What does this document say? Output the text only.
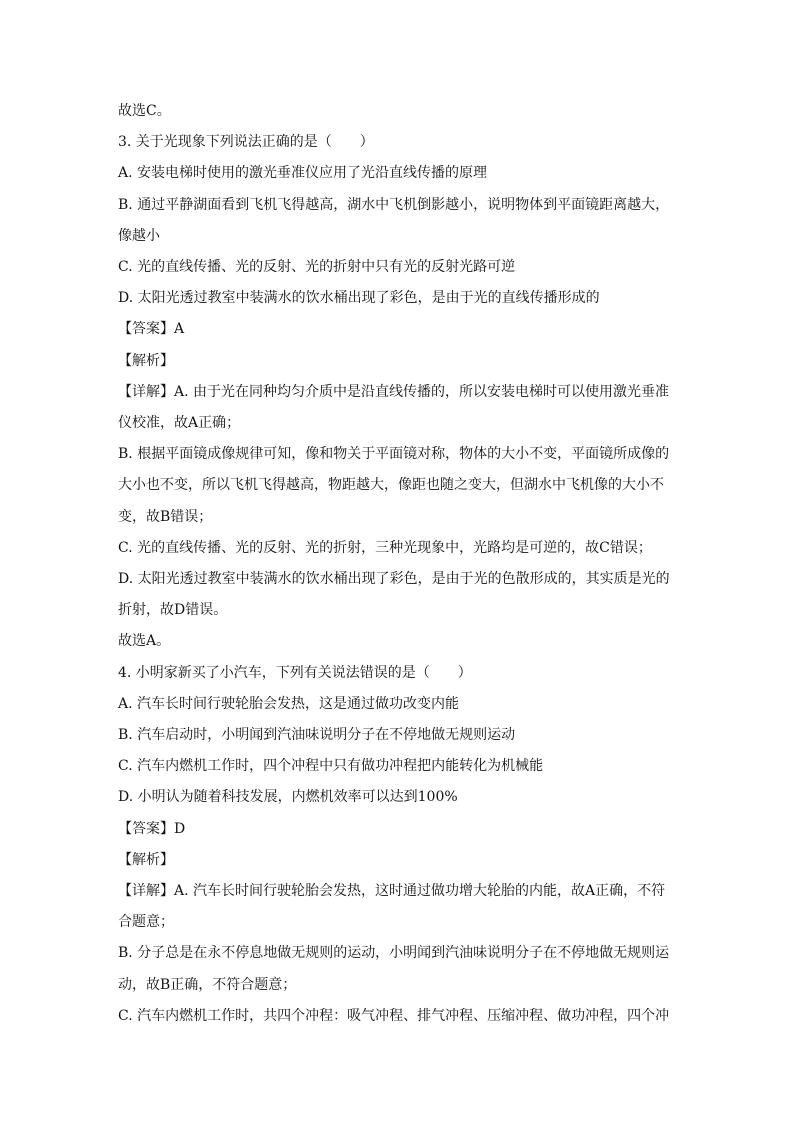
故选C。

3. 关于光现象下列说法正确的是（　　）

A. 安装电梯时使用的激光垂准仪应用了光沿直线传播的原理

B. 通过平静湖面看到飞机飞得越高，湖水中飞机倒影越小，说明物体到平面镜距离越大，

像越小

C. 光的直线传播、光的反射、光的折射中只有光的反射光路可逆

D. 太阳光透过教室中装满水的饮水桶出现了彩色，是由于光的直线传播形成的

【答案】A

【解析】

【详解】A. 由于光在同种均匀介质中是沿直线传播的，所以安装电梯时可以使用激光垂准

仪校准，故A正确；

B. 根据平面镜成像规律可知，像和物关于平面镜对称，物体的大小不变，平面镜所成像的

大小也不变，所以飞机飞得越高，物距越大，像距也随之变大，但湖水中飞机像的大小不

变，故B错误；

C. 光的直线传播、光的反射、光的折射，三种光现象中，光路均是可逆的，故C错误；

D. 太阳光透过教室中装满水的饮水桶出现了彩色，是由于光的色散形成的，其实质是光的

折射，故D错误。

故选A。

4. 小明家新买了小汽车，下列有关说法错误的是（　　）

A. 汽车长时间行驶轮胎会发热，这是通过做功改变内能

B. 汽车启动时，小明闻到汽油味说明分子在不停地做无规则运动

C. 汽车内燃机工作时，四个冲程中只有做功冲程把内能转化为机械能

D. 小明认为随着科技发展，内燃机效率可以达到100%

【答案】D

【解析】

【详解】A. 汽车长时间行驶轮胎会发热，这时通过做功增大轮胎的内能，故A正确，不符

合题意；

B. 分子总是在永不停息地做无规则的运动，小明闻到汽油味说明分子在不停地做无规则运

动，故B正确，不符合题意；

C. 汽车内燃机工作时，共四个冲程：吸气冲程、排气冲程、压缩冲程、做功冲程，四个冲
